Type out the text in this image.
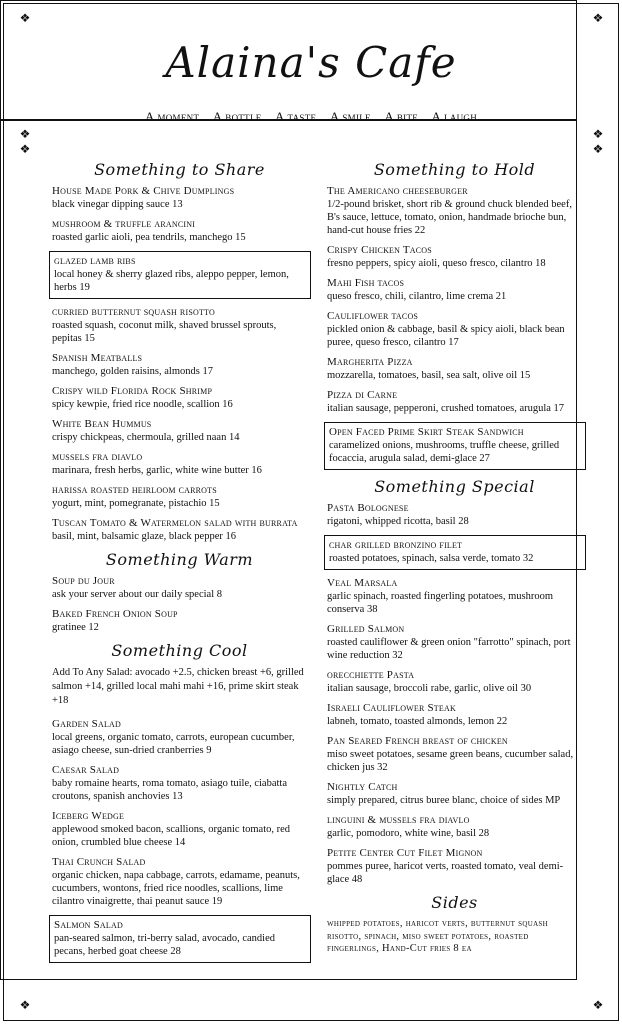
❖	❖
❖	❖
Alaina's Cafe
A moment... A bottle... A taste... A smile... A bite... A laugh
❖	❖
❖	❖
Something to Share
House Made Pork & Chive Dumplings
black vinegar dipping sauce 13
mushroom & truffle arancini
roasted garlic aioli, pea tendrils, manchego 15
glazed lamb ribs
local honey & sherry glazed ribs, aleppo pepper, lemon, herbs 19
curried butternut squash risotto
roasted squash, coconut milk, shaved brussel sprouts, pepitas 15
Spanish Meatballs
manchego, golden raisins, almonds 17
Crispy wild Florida Rock Shrimp
spicy kewpie, fried rice noodle, scallion 16
White Bean Hummus
crispy chickpeas, chermoula, grilled naan 14
mussels fra diavlo
marinara, fresh herbs, garlic, white wine butter 16
harissa roasted heirloom carrots
yogurt, mint, pomegranate, pistachio 15
Tuscan Tomato & Watermelon salad with burrata
basil, mint, balsamic glaze, black pepper 16
Something Warm
Soup du Jour
ask your server about our daily special 8
Baked French Onion Soup
gratinee 12
Something Cool
Add To Any Salad: avocado +2.5, chicken breast +6, grilled salmon +14, grilled local mahi mahi +16, prime skirt steak +18
Garden Salad
local greens, organic tomato, carrots, european cucumber, asiago cheese, sun-dried cranberries 9
Caesar Salad
baby romaine hearts, roma tomato, asiago tuile, ciabatta croutons, spanish anchovies 13
Iceberg Wedge
applewood smoked bacon, scallions, organic tomato, red onion, crumbled blue cheese 14
Thai Crunch Salad
organic chicken, napa cabbage, carrots, edamame, peanuts, cucumbers, wontons, fried rice noodles, scallions, lime cilantro vinaigrette, thai peanut sauce 19
Salmon Salad
pan-seared salmon, tri-berry salad, avocado, candied pecans, herbed goat cheese 28
Something to Hold
The Americano cheeseburger
1/2-pound brisket, short rib & ground chuck blended beef, B's sauce, lettuce, tomato, onion, handmade brioche bun, hand-cut house fries 22
Crispy Chicken Tacos
fresno peppers, spicy aioli, queso fresco, cilantro 18
Mahi Fish tacos
queso fresco, chili, cilantro, lime crema 21
Cauliflower tacos
pickled onion & cabbage, basil & spicy aioli, black bean puree, queso fresco, cilantro 17
Margherita Pizza
mozzarella, tomatoes, basil, sea salt, olive oil 15
Pizza di Carne
italian sausage, pepperoni, crushed tomatoes, arugula 17
Open Faced Prime Skirt Steak Sandwich
caramelized onions, mushrooms, truffle cheese, grilled focaccia, arugula salad, demi-glace 27
Something Special
Pasta Bolognese
rigatoni, whipped ricotta, basil 28
char grilled bronzino filet
roasted potatoes, spinach, salsa verde, tomato 32
Veal Marsala
garlic spinach, roasted fingerling potatoes, mushroom conserva 38
Grilled Salmon
roasted cauliflower & green onion "farrotto" spinach, port wine reduction 32
orecchiette Pasta
italian sausage, broccoli rabe, garlic, olive oil 30
Israeli Cauliflower Steak
labneh, tomato, toasted almonds, lemon 22
Pan Seared French breast of chicken
miso sweet potatoes, sesame green beans, cucumber salad, chicken jus 32
Nightly Catch
simply prepared, citrus buree blanc, choice of sides MP
linguini & mussels fra diavlo
garlic, pomodoro, white wine, basil 28
Petite Center Cut Filet Mignon
pommes puree, haricot verts, roasted tomato, veal demi-glace 48
Sides
whipped potatoes, haricot verts, butternut squash risotto, spinach, miso sweet potatoes, roasted fingerlings, Hand-Cut fries 8 ea
